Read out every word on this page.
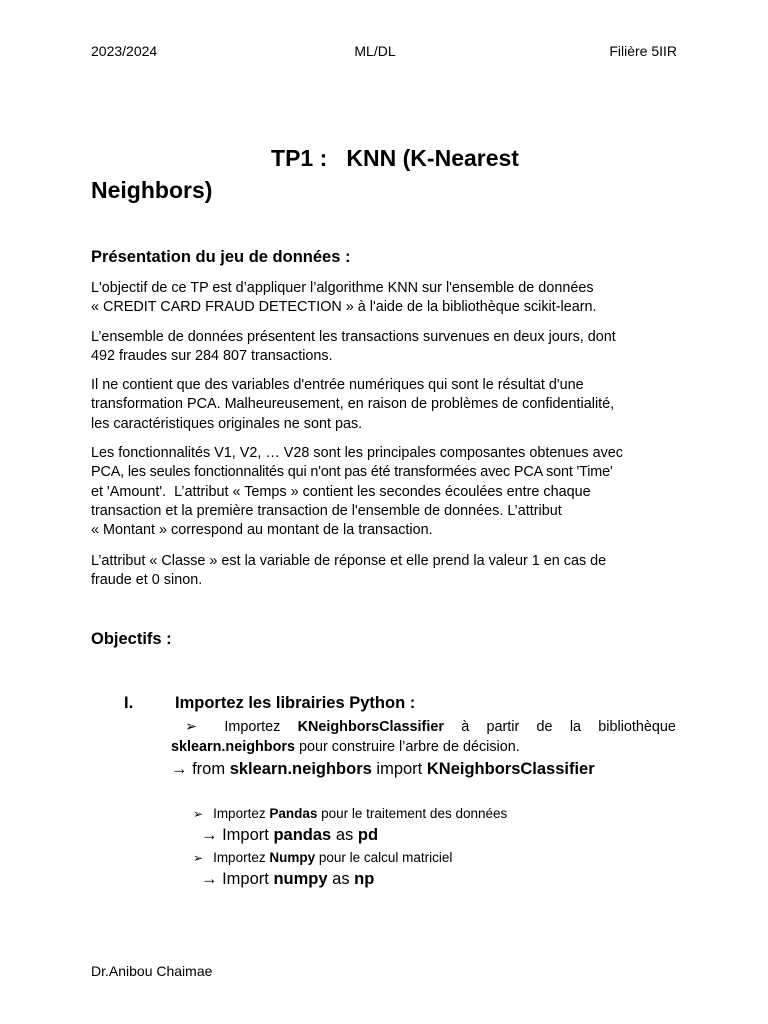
2023/2024	ML/DL	Filière 5IIR
TP1 :   KNN (K-Nearest
Neighbors)
Présentation du jeu de données :
L'objectif de ce TP est d’appliquer l’algorithme KNN sur l'ensemble de données
« CREDIT CARD FRAUD DETECTION » à l'aide de la bibliothèque scikit-learn.
L’ensemble de données présentent les transactions survenues en deux jours, dont
492 fraudes sur 284 807 transactions.
Il ne contient que des variables d'entrée numériques qui sont le résultat d'une
transformation PCA. Malheureusement, en raison de problèmes de confidentialité,
les caractéristiques originales ne sont pas.
Les fonctionnalités V1, V2, … V28 sont les principales composantes obtenues avec
PCA, les seules fonctionnalités qui n'ont pas été transformées avec PCA sont 'Time'
et 'Amount'.  L’attribut « Temps » contient les secondes écoulées entre chaque
transaction et la première transaction de l'ensemble de données. L’attribut
« Montant » correspond au montant de la transaction.
L’attribut « Classe » est la variable de réponse et elle prend la valeur 1 en cas de
fraude et 0 sinon.
Objectifs :
I.	Importez les librairies Python :
➢ Importez KNeighborsClassifier à partir de la bibliothèque
sklearn.neighbors pour construire l’arbre de décision.
→ from sklearn.neighbors import KNeighborsClassifier
➢ Importez Pandas pour le traitement des données
→ Import pandas as pd
➢ Importez Numpy pour le calcul matriciel
→ Import numpy as np
Dr.Anibou Chaimae
